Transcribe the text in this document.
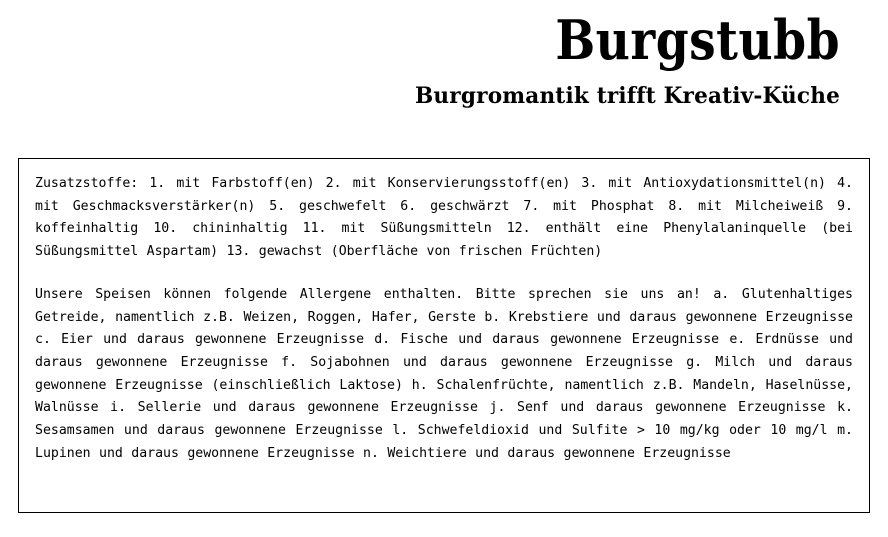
Burgstubb
Burgromantik trifft Kreativ-Küche

Zusatzstoffe: 1. mit Farbstoff(en) 2. mit Konservierungsstoff(en) 3. mit Antioxydationsmittel(n) 4. mit Geschmacksverstärker(n) 5. geschwefelt 6. geschwärzt 7. mit Phosphat 8. mit Milcheiweiß 9. koffeinhaltig 10. chininhaltig 11. mit Süßungsmitteln 12. enthält eine Phenylalaninquelle (bei Süßungsmittel Aspartam) 13. gewachst (Oberfläche von frischen Früchten)

Unsere Speisen können folgende Allergene enthalten. Bitte sprechen sie uns an! a. Glutenhaltiges Getreide, namentlich z.B. Weizen, Roggen, Hafer, Gerste b. Krebstiere und daraus gewonnene Erzeugnisse c. Eier und daraus gewonnene Erzeugnisse d. Fische und daraus gewonnene Erzeugnisse e. Erdnüsse und daraus gewonnene Erzeugnisse f. Sojabohnen und daraus gewonnene Erzeugnisse g. Milch und daraus gewonnene Erzeugnisse (einschließlich Laktose) h. Schalenfrüchte, namentlich z.B. Mandeln, Haselnüsse, Walnüsse i. Sellerie und daraus gewonnene Erzeugnisse j. Senf und daraus gewonnene Erzeugnisse k. Sesamsamen und daraus gewonnene Erzeugnisse l. Schwefeldioxid und Sulfite > 10 mg/kg oder 10 mg/l m. Lupinen und daraus gewonnene Erzeugnisse n. Weichtiere und daraus gewonnene Erzeugnisse
